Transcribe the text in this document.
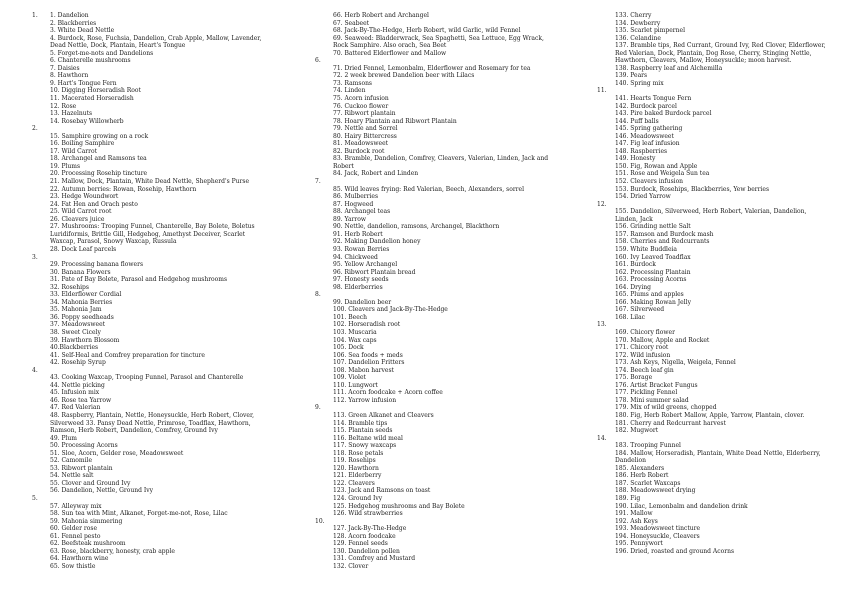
1. 1. Dandelion
2. Blackberries
3. White Dead Nettle
4. Burdock, Rose, Fuchsia, Dandelion, Crab Apple, Mallow, Lavender, Dead Nettle, Dock, Plantain, Heart's Tongue
5. Forget-me-nots and Dandelions
6. Chanterelle mushrooms
7. Daisies
8. Hawthorn
9. Hart's Tongue Fern
10. Digging Horseradish Root
11. Macerated Horseradish
12. Rose
13. Hazelnuts
14. Rosebay Willowherb
2.
15. Samphire growing on a rock
16. Boiling Samphire
17. Wild Carrot
18. Archangel and Ramsons tea
19. Plums
20. Processing Rosehip tincture
21. Mallow, Dock, Plantain, White Dead Nettle, Shepherd's Purse
22. Autumn berries: Rowan, Rosehip, Hawthorn
23. Hedge Woundwort
24. Fat Hen and Orach pesto
25. Wild Carrot root
26. Cleavers juice
27. Mushrooms: Trooping Funnel, Chanterelle, Bay Bolete, Boletus Luridiformis, Brittle Gill, Hedgehog, Amethyst Deceiver, Scarlet Waxcap, Parasol, Snowy Waxcap, Russula
28. Dock Leaf parcels
3.
29. Processing banana flowers
30. Banana Flowers
31. Pate of Bay Bolete, Parasol and Hedgehog mushrooms
32. Rosehips
33. Elderflower Cordial
34. Mahonia Berries
35. Mahonia Jam
36. Poppy seedheads
37. Meadowsweet
38. Sweet Cicely
39. Hawthorn Blossom
40.Blackberries
41. Self-Heal and Comfrey preparation for tincture
42. Rosehip Syrup
4.
43. Cooking Waxcap, Trooping Funnel, Parasol and Chanterelle
44. Nettle picking
45. Infusion mix
46. Rose tea Yarrow
47. Red Valerian
48. Raspberry, Plantain, Nettle, Honeysuckle, Herb Robert, Clover, Silverweed 33. Pansy Dead Nettle, Primrose, Toadflax, Hawthorn, Ramson, Herb Robert, Dandelion, Comfrey, Ground Ivy
49. Plum
50. Processing Acorns
51. Sloe, Acorn, Gelder rose, Meadowsweet
52. Camomile
53. Ribwort plantain
54. Nettle salt
55. Clover and Ground Ivy
56. Dandelion, Nettle, Ground Ivy
5.
57. Alleyway mix
58. Sun tea with Mint, Alkanet, Forget-me-not, Rose, Lilac
59. Mahonia simmering
60. Gelder rose
61. Fennel pesto
62. Beefsteak mushroom
63. Rose, blackberry, honesty, crab apple
64. Hawthorn wine
65. Sow thistle
66. Herb Robert and Archangel
67. Seabeet
68. Jack-By-The-Hedge, Herb Robert, wild Garlic, wild Fennel
69. Seaweed: Bladderwrack, Sea Spaghetti, Sea Lettuce, Egg Wrack, Rock Samphire. Also orach, Sea Beet
70. Battered Elderflower and Mallow
6.
71. Dried Fennel, Lemonbalm, Elderflower and Rosemary for tea
72. 2 week brewed Dandelion beer with Lilacs
73. Ramsons
74. Linden
75. Acorn infusion
76. Cuckoo flower
77. Ribwort plantain
78. Hoary Plantain and Ribwort Plantain
79. Nettle and Sorrel
80. Hairy Bittercress
81. Meadowsweet
82. Burdock root
83. Bramble, Dandelion, Comfrey, Cleavers, Valerian, Linden, Jack and Robert
84. Jack, Robert and Linden
7.
85. Wild leaves frying: Red Valerian, Beech, Alexanders, sorrel
86. Mulberries
87. Hogweed
88. Archangel teas
89. Yarrow
90. Nettle, dandelion, ramsons, Archangel, Blackthorn
91. Herb Robert
92. Making Dandelion honey
93. Rowan Berries
94. Chickweed
95. Yellow Archangel
96. Ribwort Plantain bread
97. Honesty seeds
98. Elderberries
8.
99. Dandelion beer
100. Cleavers and Jack-By-The-Hedge
101. Beech
102. Horseradish root
103. Muscaria
104. Wax caps
105. Dock
106. Sea foods + meds
107. Dandelion Fritters
108. Mabon harvest
109. Violet
110. Lungwort
111. Acorn foodcake + Acorn coffee
112. Yarrow infusion
9.
113. Green Alkanet and Cleavers
114. Bramble tips
115. Plantain seeds
116. Beltane wild meal
117. Snowy waxcaps
118. Rose petals
119. Rosehips
120. Hawthorn
121. Elderberry
122. Cleavers
123. Jack and Ramsons on toast
124. Ground Ivy
125. Hedgehog mushrooms and Bay Bolete
126. Wild strawberries
10.
127. Jack-By-The-Hedge
128. Acorn foodcake
129. Fennel seeds
130. Dandelion pollen
131. Comfrey and Mustard
132. Clover
133. Cherry
134. Dewberry
135. Scarlet pimpernel
136. Celandine
137. Bramble tips, Red Currant, Ground Ivy, Red Clover, Elderflower, Red Valerian, Dock, Plantain, Dog Rose, Cherry, Stinging Nettle, Hawthorn, Cleavers, Mallow, Honeysuckle; moon harvest.
138. Raspberry leaf and Alchemilla
139. Pears
140. Spring mix
11.
141. Hearts Tongue Fern
142. Burdock parcel
143. Pire baked Burdock parcel
144. Puff balls
145. Spring gathering
146. Meadowsweet
147. Fig leaf infusion
148. Raspberries
149. Honesty
150. Fig, Rowan and Apple
151. Rose and Weigela Sun tea
152. Cleavers infusion
153. Burdock, Rosehips, Blackberries, Yew berries
154. Dried Yarrow
12.
155. Dandelion, Silverweed, Herb Robert, Valerian, Dandelion, Linden, Jack
156. Grinding nettle Salt
157. Ramson and Burdock mash
158. Cherries and Redcurrants
159. White Buddleia
160. Ivy Leaved Toadflax
161. Burdock
162. Processing Plantain
163. Processing Acorns
164. Drying
165. Plums and apples
166. Making Rowan Jelly
167. Silverweed
168. Lilac
13.
169. Chicory flower
170. Mallow, Apple and Rocket
171. Chicory root
172. Wild infusion
173. Ash Keys, Nigella, Weigela, Fennel
174. Beech leaf gin
175. Borage
176. Artist Bracket Fungus
177. Pickling Fennel
178. Mini summer salad
179. Mix of wild greens, chopped
180. Fig, Herb Robert Mallow, Apple, Yarrow, Plantain, clover.
181. Cherry and Redcurrant harvest
182. Mugwort
14.
183. Trooping Funnel
184. Mallow, Horseradish, Plantain, White Dead Nettle, Elderberry, Dandelion
185. Alexanders
186. Herb Robert
187. Scarlet Waxcaps
188. Meadowsweet drying
189. Fig
190. Lilac, Lemonbalm and dandelion drink
191. Mallow
192. Ash Keys
193. Meadowsweet tincture
194. Honeysuckle, Cleavers
195. Pennywort
196. Dried, roasted and ground Acorns
